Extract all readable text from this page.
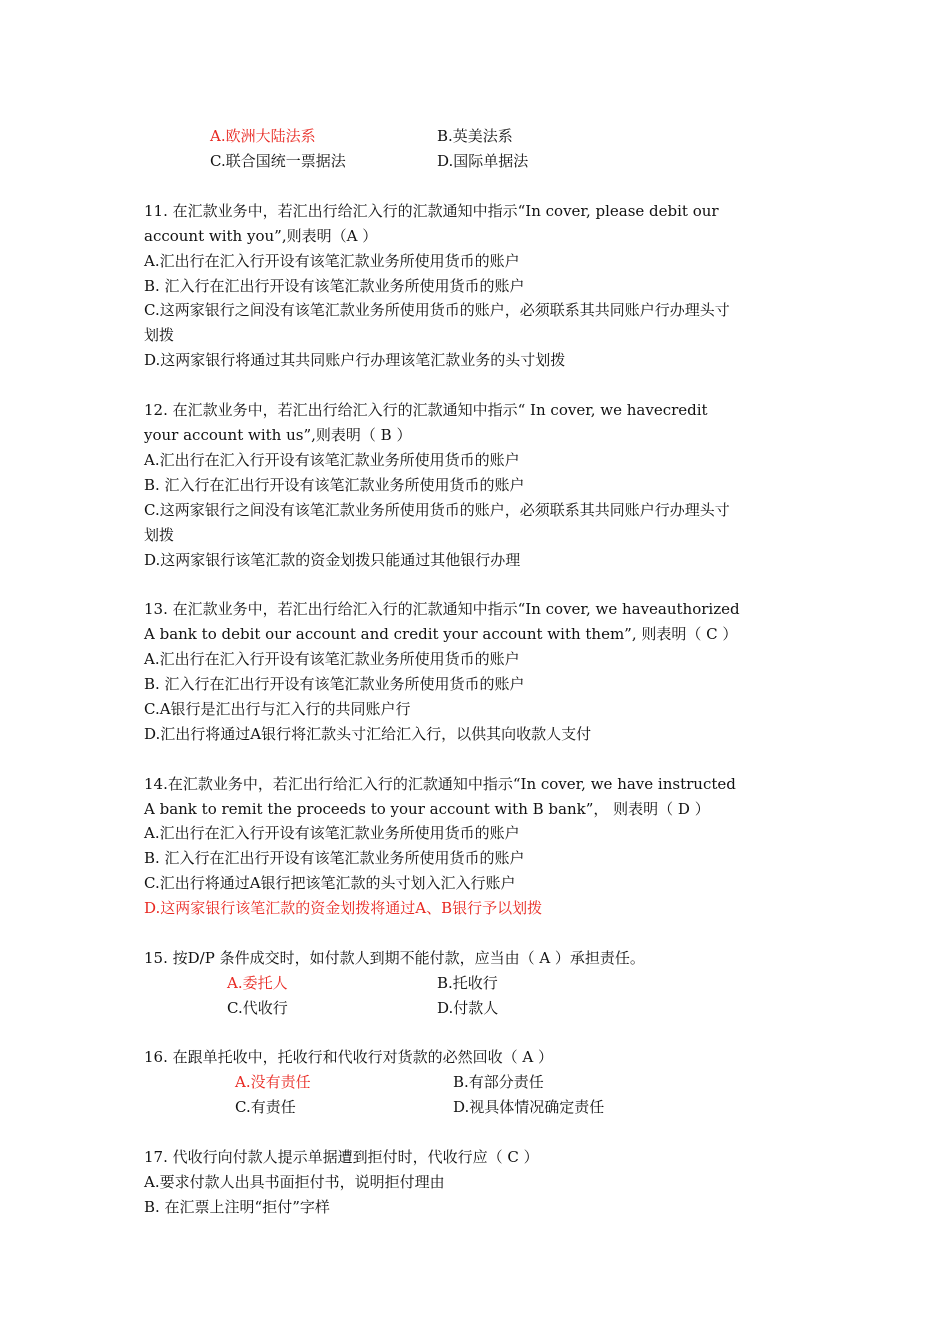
A.欧洲大陆法系	B.英美法系
C.联合国统一票据法	D.国际单据法
11. 在汇款业务中，若汇出行给汇入行的汇款通知中指示“In cover, please debit our
account with you”,则表明（A ）
A.汇出行在汇入行开设有该笔汇款业务所使用货币的账户
B. 汇入行在汇出行开设有该笔汇款业务所使用货币的账户
C.这两家银行之间没有该笔汇款业务所使用货币的账户，必须联系其共同账户行办理头寸
划拨
D.这两家银行将通过其共同账户行办理该笔汇款业务的头寸划拨
12. 在汇款业务中，若汇出行给汇入行的汇款通知中指示“ In cover, we havecredit
your account with us”,则表明（ B ）
A.汇出行在汇入行开设有该笔汇款业务所使用货币的账户
B. 汇入行在汇出行开设有该笔汇款业务所使用货币的账户
C.这两家银行之间没有该笔汇款业务所使用货币的账户，必须联系其共同账户行办理头寸
划拨
D.这两家银行该笔汇款的资金划拨只能通过其他银行办理
13. 在汇款业务中，若汇出行给汇入行的汇款通知中指示“In cover, we haveauthorized
A bank to debit our account and credit your account with them”, 则表明（ C ）
A.汇出行在汇入行开设有该笔汇款业务所使用货币的账户
B. 汇入行在汇出行开设有该笔汇款业务所使用货币的账户
C.A银行是汇出行与汇入行的共同账户行
D.汇出行将通过A银行将汇款头寸汇给汇入行，以供其向收款人支付
14.在汇款业务中，若汇出行给汇入行的汇款通知中指示“In cover, we have instructed
A bank to remit the proceeds to your account with B bank”， 则表明（ D ）
A.汇出行在汇入行开设有该笔汇款业务所使用货币的账户
B. 汇入行在汇出行开设有该笔汇款业务所使用货币的账户
C.汇出行将通过A银行把该笔汇款的头寸划入汇入行账户
D.这两家银行该笔汇款的资金划拨将通过A、B银行予以划拨
15. 按D/P 条件成交时，如付款人到期不能付款，应当由（ A ）承担责任。
A.委托人	B.托收行
C.代收行	D.付款人
16. 在跟单托收中，托收行和代收行对货款的必然回收（ A ）
A.没有责任	B.有部分责任
C.有责任	D.视具体情况确定责任
17. 代收行向付款人提示单据遭到拒付时，代收行应（ C ）
A.要求付款人出具书面拒付书，说明拒付理由
B. 在汇票上注明“拒付”字样
